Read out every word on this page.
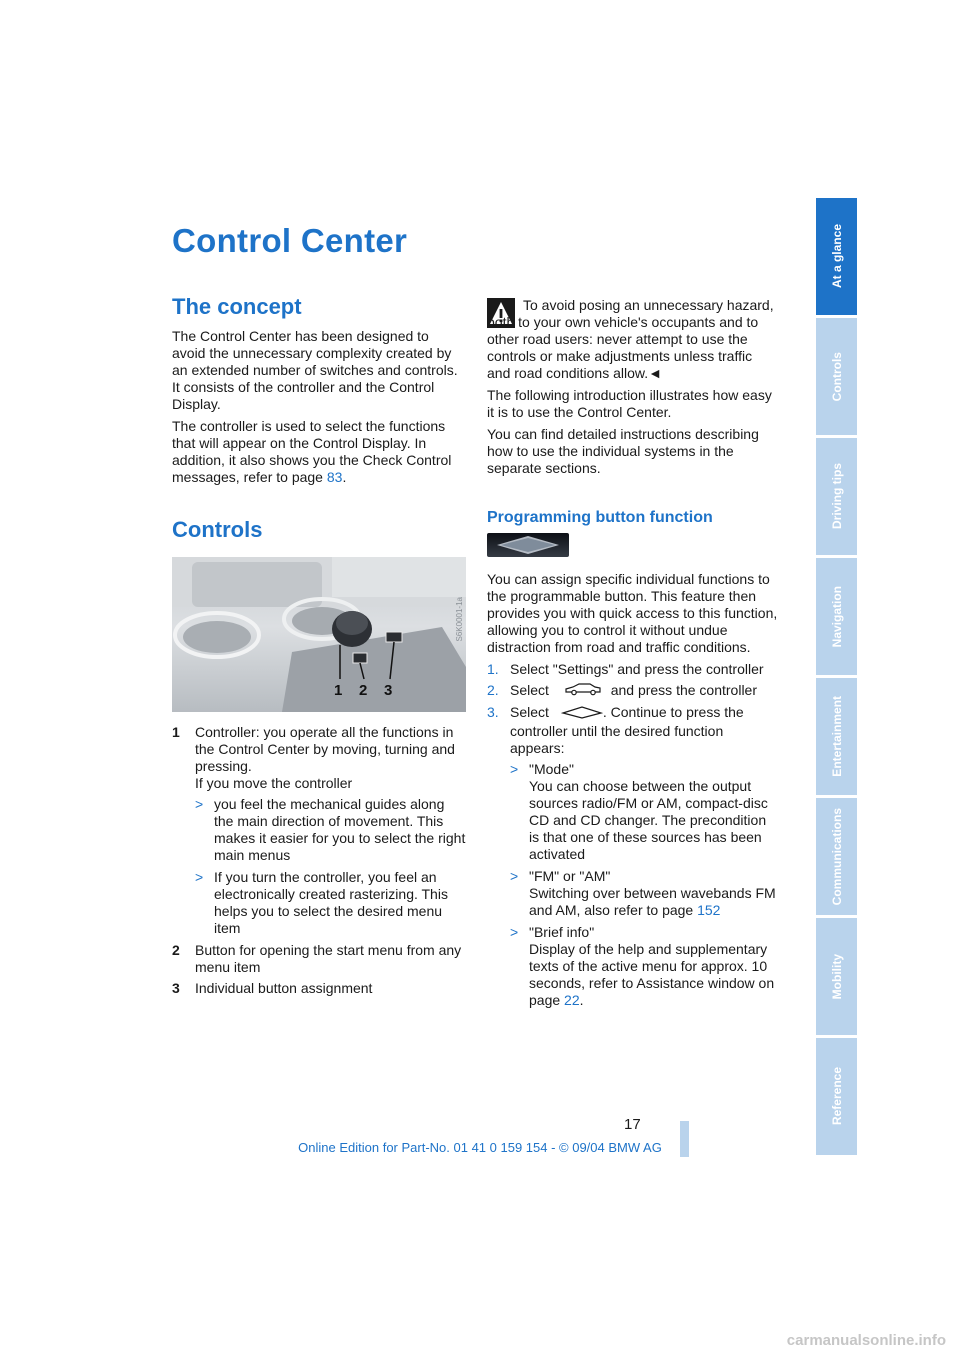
At a glance
Controls
Driving tips
Navigation
Entertainment
Communications
Mobility
Reference
Control Center
The concept

The Control Center has been designed to avoid the unnecessary complexity created by an extended number of switches and controls. It consists of the controller and the Control Display.

The controller is used to select the functions that will appear on the Control Display. In addition, it also shows you the Check Control messages, refer to page 83.

Controls
1 2 3
S6K0001-1a
1 Controller: you operate all the functions in the Control Center by moving, turning and pressing.
If you move the controller
> you feel the mechanical guides along the main direction of movement. This makes it easier for you to select the right main menus
> If you turn the controller, you feel an electronically created rasterizing. This helps you to select the desired menu item
2 Button for opening the start menu from any menu item
3 Individual button assignment

To avoid posing an unnecessary hazard, both to your own vehicle's occupants and to other road users: never attempt to use the controls or make adjustments unless traffic and road conditions allow.◄

The following introduction illustrates how easy it is to use the Control Center.

You can find detailed instructions describing how to use the individual systems in the separate sections.

Programming button function

You can assign specific individual functions to the programmable button. This feature then provides you with quick access to this function, allowing you to control it without undue distraction from road and traffic conditions.

1. Select "Settings" and press the controller
2. Select	and press the controller
3. Select	. Continue to press the controller until the desired function appears:
> "Mode"
You can choose between the output sources radio/FM or AM, compact-disc CD and CD changer. The precondition is that one of these sources has been activated
> "FM" or "AM"
Switching over between wavebands FM and AM, also refer to page 152
> "Brief info"
Display of the help and supplementary texts of the active menu for approx. 10 seconds, refer to Assistance window on page 22.
17
Online Edition for Part-No. 01 41 0 159 154 - © 09/04 BMW AG
carmanualsonline.info
